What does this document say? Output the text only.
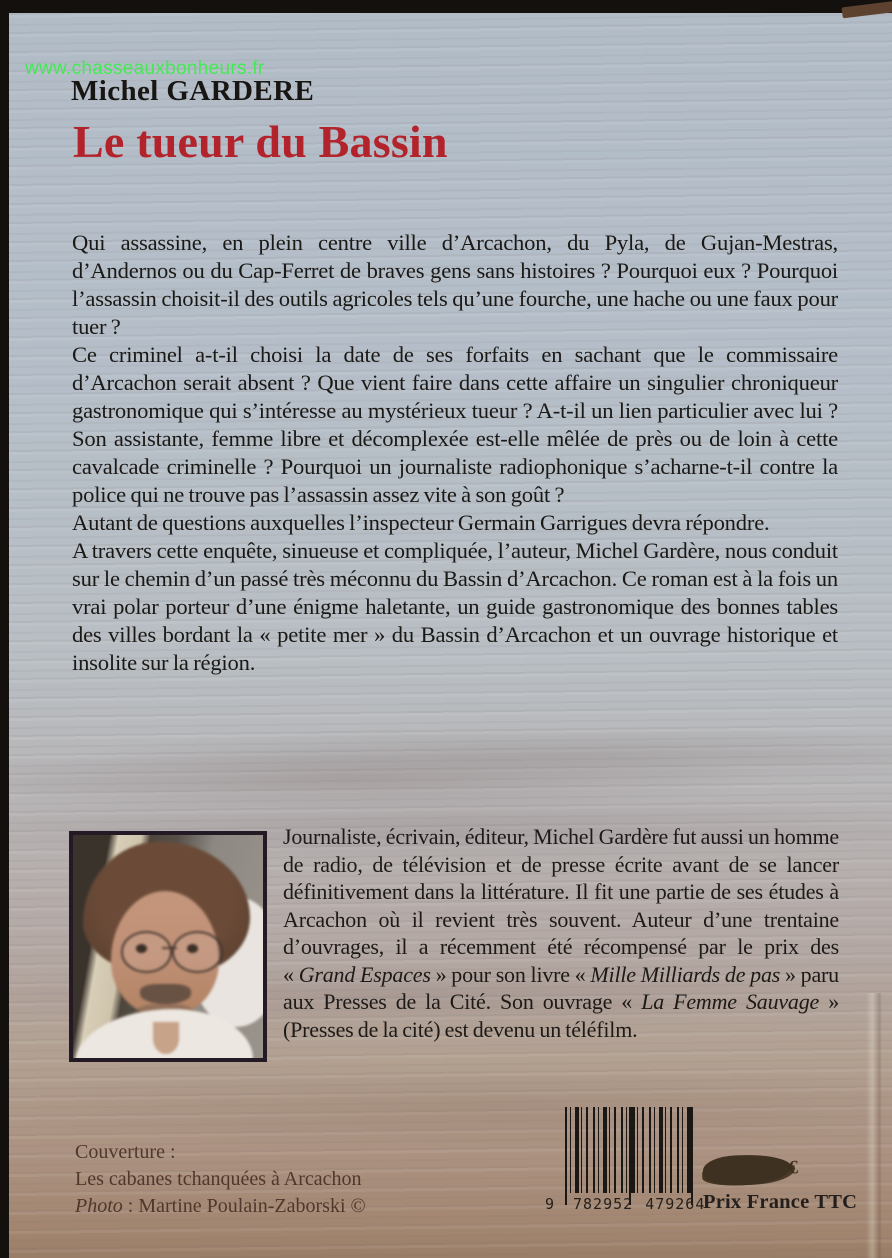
www.chasseauxbonheurs.fr
Michel GARDERE
Le tueur du Bassin

Qui assassine, en plein centre ville d’Arcachon, du Pyla, de Gujan-Mestras, d’Andernos ou du Cap-Ferret de braves gens sans histoires ? Pourquoi eux ? Pourquoi l’assassin choisit-il des outils agricoles tels qu’une fourche, une hache ou une faux pour tuer ?

Ce criminel a-t-il choisi la date de ses forfaits en sachant que le commissaire d’Arcachon serait absent ? Que vient faire dans cette affaire un singulier chroniqueur gastronomique qui s’intéresse au mystérieux tueur ? A-t-il un lien particulier avec lui ? Son assistante, femme libre et décomplexée est-elle mêlée de près ou de loin à cette cavalcade criminelle ? Pourquoi un journaliste radiophonique s’acharne-t-il contre la police qui ne trouve pas l’assassin assez vite à son goût ?

Autant de questions auxquelles l’inspecteur Germain Garrigues devra répondre.

A travers cette enquête, sinueuse et compliquée, l’auteur, Michel Gardère, nous conduit sur le chemin d’un passé très méconnu du Bassin d’Arcachon. Ce roman est à la fois un vrai polar porteur d’une énigme haletante, un guide gastronomique des bonnes tables des villes bordant la « petite mer » du Bassin d’Arcachon et un ouvrage historique et insolite sur la région.

Journaliste, écrivain, éditeur, Michel Gardère fut aussi un homme de radio, de télévision et de presse écrite avant de se lancer définitivement dans la littérature. Il fit une partie de ses études à Arcachon où il revient très souvent. Auteur d’une trentaine d’ouvrages, il a récemment été récompensé par le prix des « Grand Espaces » pour son livre « Mille Milliards de pas » paru aux Presses de la Cité. Son ouvrage « La Femme Sauvage » (Presses de la cité) est devenu un téléfilm.
Couverture :
Les cabanes tchanquées à Arcachon
Photo : Martine Poulain-Zaborski ©	9	782952 479264
€
Prix France TTC
